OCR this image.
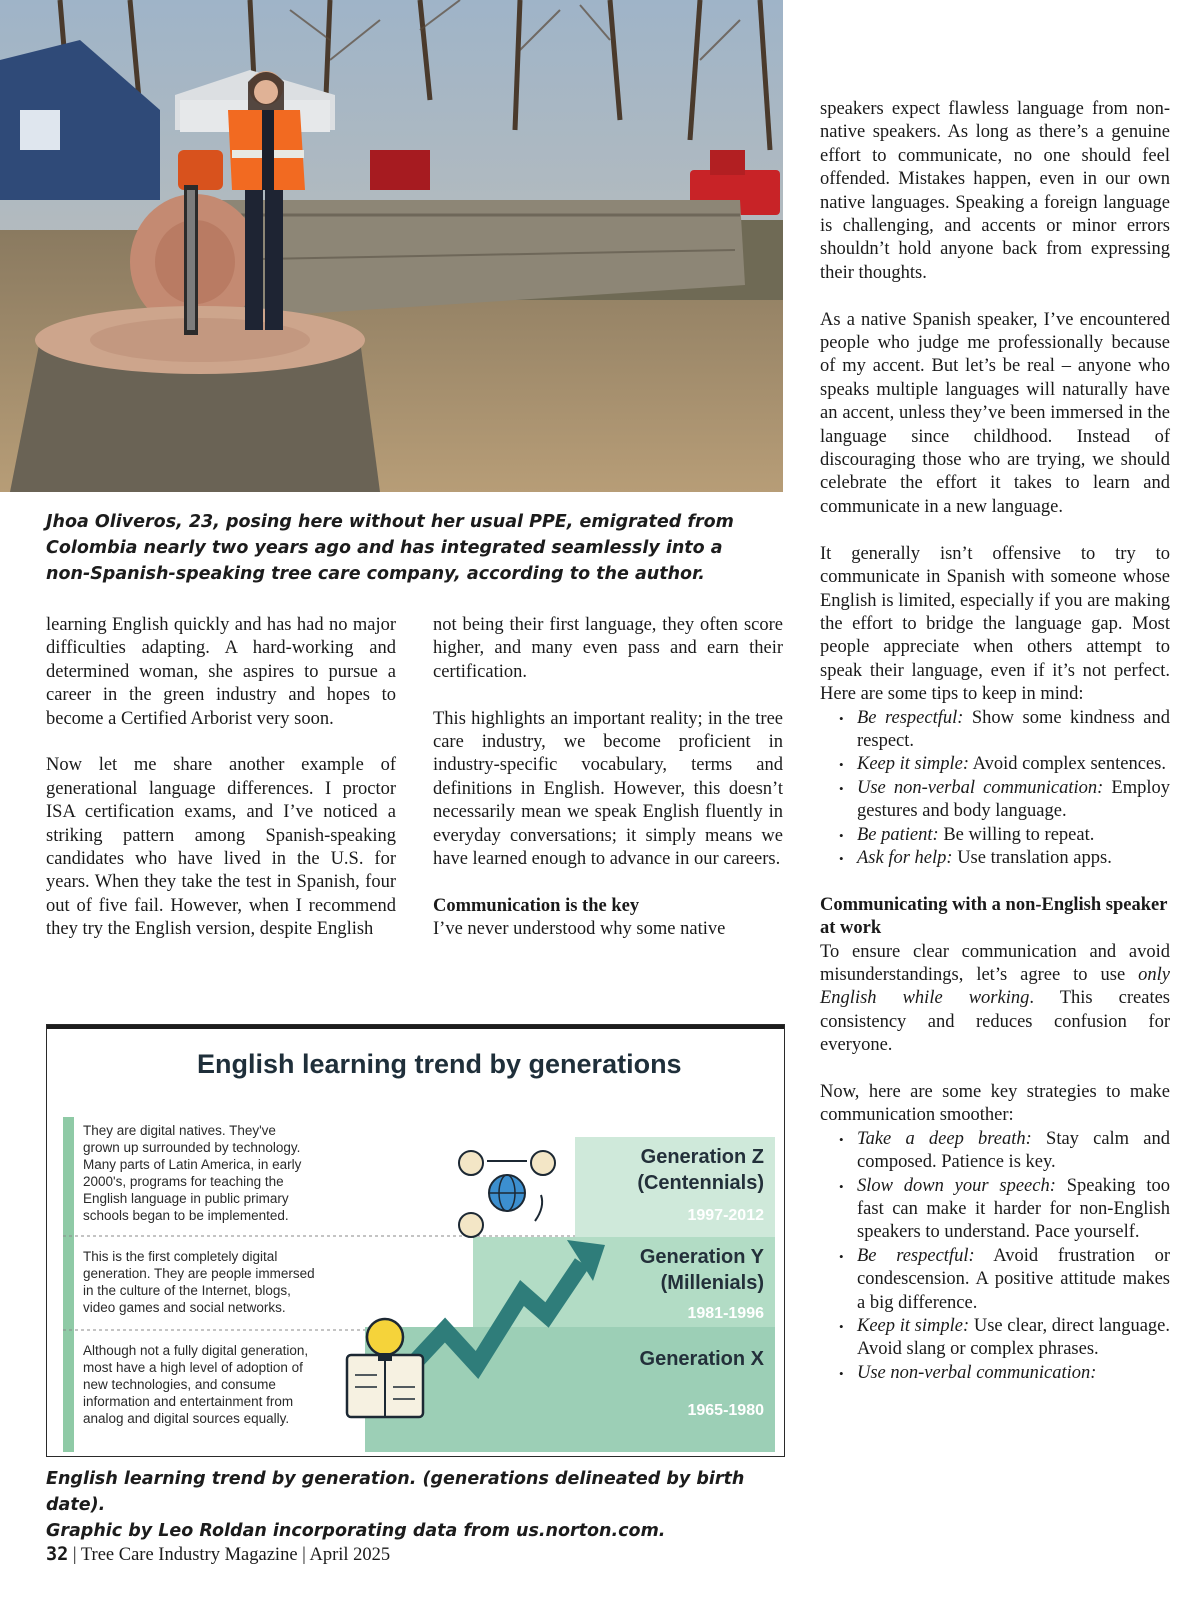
Jhoa Oliveros, 23, posing here without her usual PPE, emigrated from
Colombia nearly two years ago and has integrated seamlessly into a
non-Spanish-speaking tree care company, according to the author.

learning English quickly and has had no major difficulties adapting. A hard-working and determined woman, she aspires to pursue a career in the green industry and hopes to become a Certified Arborist very soon.

Now let me share another example of generational language differences. I proctor ISA certification exams, and I’ve noticed a striking pattern among Spanish-speaking candidates who have lived in the U.S. for years. When they take the test in Spanish, four out of five fail. However, when I recommend they try the English version, despite English

not being their first language, they often score higher, and many even pass and earn their certification.

This highlights an important reality; in the tree care industry, we become proficient in industry-specific vocabulary, terms and definitions in English. However, this doesn’t necessarily mean we speak English fluently in everyday conversations; it simply means we have learned enough to advance in our careers.

Communication is the key

I’ve never understood why some native

speakers expect flawless language from non-native speakers. As long as there’s a genuine effort to communicate, no one should feel offended. Mistakes happen, even in our own native languages. Speaking a foreign language is challenging, and accents or minor errors shouldn’t hold anyone back from expressing their thoughts.

As a native Spanish speaker, I’ve encountered people who judge me professionally because of my accent. But let’s be real – anyone who speaks multiple languages will naturally have an accent, unless they’ve been immersed in the language since childhood. Instead of discouraging those who are trying, we should celebrate the effort it takes to learn and communicate in a new language.

It generally isn’t offensive to try to communicate in Spanish with someone whose English is limited, especially if you are making the effort to bridge the language gap. Most people appreciate when others attempt to speak their language, even if it’s not perfect. Here are some tips to keep in mind:

• Be respectful: Show some kindness and respect.
• Keep it simple: Avoid complex sentences.
• Use non-verbal communication: Employ gestures and body language.
• Be patient: Be willing to repeat.
• Ask for help: Use translation apps.
Communicating with a non-English speaker at work

To ensure clear communication and avoid misunderstandings, let’s agree to use only English while working. This creates consistency and reduces confusion for everyone.

Now, here are some key strategies to make communication smoother:

• Take a deep breath: Stay calm and composed. Patience is key.
• Slow down your speech: Speaking too fast can make it harder for non-English speakers to understand. Pace yourself.
• Be respectful: Avoid frustration or condescension. A positive attitude makes a big difference.
• Keep it simple: Use clear, direct language. Avoid slang or complex phrases.
• Use non-verbal communication:
English learning trend by generations
They are digital natives. They've
grown up surrounded by technology.
Many parts of Latin America, in early
2000's, programs for teaching the
English language in public primary
schools began to be implemented.
This is the first completely digital
generation. They are people immersed
in the culture of the Internet, blogs,
video games and social networks.
Although not a fully digital generation,
most have a high level of adoption of
new technologies, and consume
information and entertainment from
analog and digital sources equally.
Generation Z
(Centennials)
1997-2012
Generation Y
(Millenials)
1981-1996
Generation X
1965-1980
English learning trend by generation. (generations delineated by birth date).
Graphic by Leo Roldan incorporating data from us.norton.com.
32 | Tree Care Industry Magazine | April 2025
